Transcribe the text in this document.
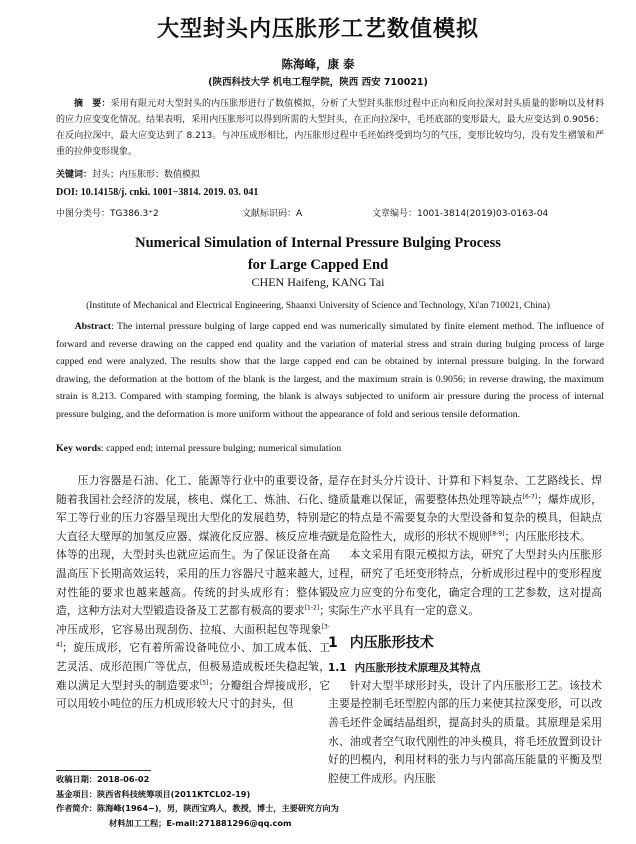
大型封头内压胀形工艺数值模拟
陈海峰，康 泰
(陕西科技大学 机电工程学院，陕西 西安 710021)
摘　要：采用有限元对大型封头的内压胀形进行了数值模拟，分析了大型封头胀形过程中正向和反向拉深对封头质量的影响以及材料的应力应变变化情况。结果表明，采用内压胀形可以得到所需的大型封头，在正向拉深中，毛坯底部的变形最大，最大应变达到 0.9056；在反向拉深中，最大应变达到了 8.213。与冲压成形相比，内压胀形过程中毛坯始终受到均匀的气压，变形比较均匀，没有发生褶皱和严重的拉伸变形现象。
关键词：封头；内压胀形；数值模拟
DOI: 10.14158/j. cnki. 1001−3814. 2019. 03. 041
中图分类号：TG386.3⁺2	文献标识码：A	文章编号：1001-3814(2019)03-0163-04
Numerical Simulation of Internal Pressure Bulging Process
for Large Capped End
CHEN Haifeng, KANG Tai
(Institute of Mechanical and Electrical Engineering, Shaanxi University of Science and Technology, Xi'an 710021, China)
Abstract: The internal pressure bulging of large capped end was numerically simulated by finite element method. The influence of forward and reverse drawing on the capped end quality and the variation of material stress and strain during bulging process of large capped end were analyzed. The results show that the large capped end can be obtained by internal pressure bulging. In the forward drawing, the deformation at the bottom of the blank is the largest, and the maximum strain is 0.9056; in reverse drawing, the maximum strain is 8.213. Compared with stamping forming, the blank is always subjected to uniform air pressure during the process of internal pressure bulging, and the deformation is more uniform without the appearance of fold and serious tensile deformation.
Key words: capped end; internal pressure bulging; numerical simulation

压力容器是石油、化工、能源等行业中的重要设备，随着我国社会经济的发展，核电、煤化工、炼油、石化、军工等行业的压力容器呈现出大型化的发展趋势，特别是大直径大壁厚的加氢反应器、煤液化反应器、核反应堆壳体等的出现，大型封头也就应运而生。为了保证设备在高温高压下长期高效运转，采用的压力容器尺寸越来越大，对性能的要求也越来越高。传统的封头成形有：整体锻造，这种方法对大型锻造设备及工艺都有极高的要求[1-2]；冲压成形，它容易出现刮伤、拉痕、大面积起包等现象[3-4]；旋压成形，它有着所需设备吨位小、加工成本低、工艺灵活、成形范围广等优点，但极易造成板坯失稳起皱，难以满足大型封头的制造要求[5]；分瓣组合焊接成形，它可以用较小吨位的压力机成形较大尺寸的封头，但

是存在封头分片设计、计算和下料复杂、工艺路线长、焊缝质量难以保证，需要整体热处理等缺点[6-7]；爆炸成形，它的特点是不需要复杂的大型设备和复杂的模具，但缺点就是危险性大，成形的形状不规则[8-9]；内压胀形技术。

本文采用有限元模拟方法，研究了大型封头内压胀形过程，研究了毛坯变形特点，分析成形过程中的变形程度及应力应变的分布变化，确定合理的工艺参数，这对提高实际生产水平具有一定的意义。

1 内压胀形技术
1.1 内压胀形技术原理及其特点

针对大型半球形封头，设计了内压胀形工艺。该技术主要是控制毛坯型腔内部的压力来使其拉深变形，可以改善毛坯件金属结晶组织，提高封头的质量。其原理是采用水、油或者空气取代刚性的冲头模具，将毛坯放置到设计好的凹模内，利用材料的张力与内部高压能量的平衡及型腔使工件成形。内压胀

收稿日期：2018-06-02
基金项目：陕西省科技统筹项目(2011KTCL02-19)
作者简介：陈海峰(1964−)，男，陕西宝鸡人，教授，博士，主要研究方向为
材料加工工程；E-mail:271881296@qq.com
